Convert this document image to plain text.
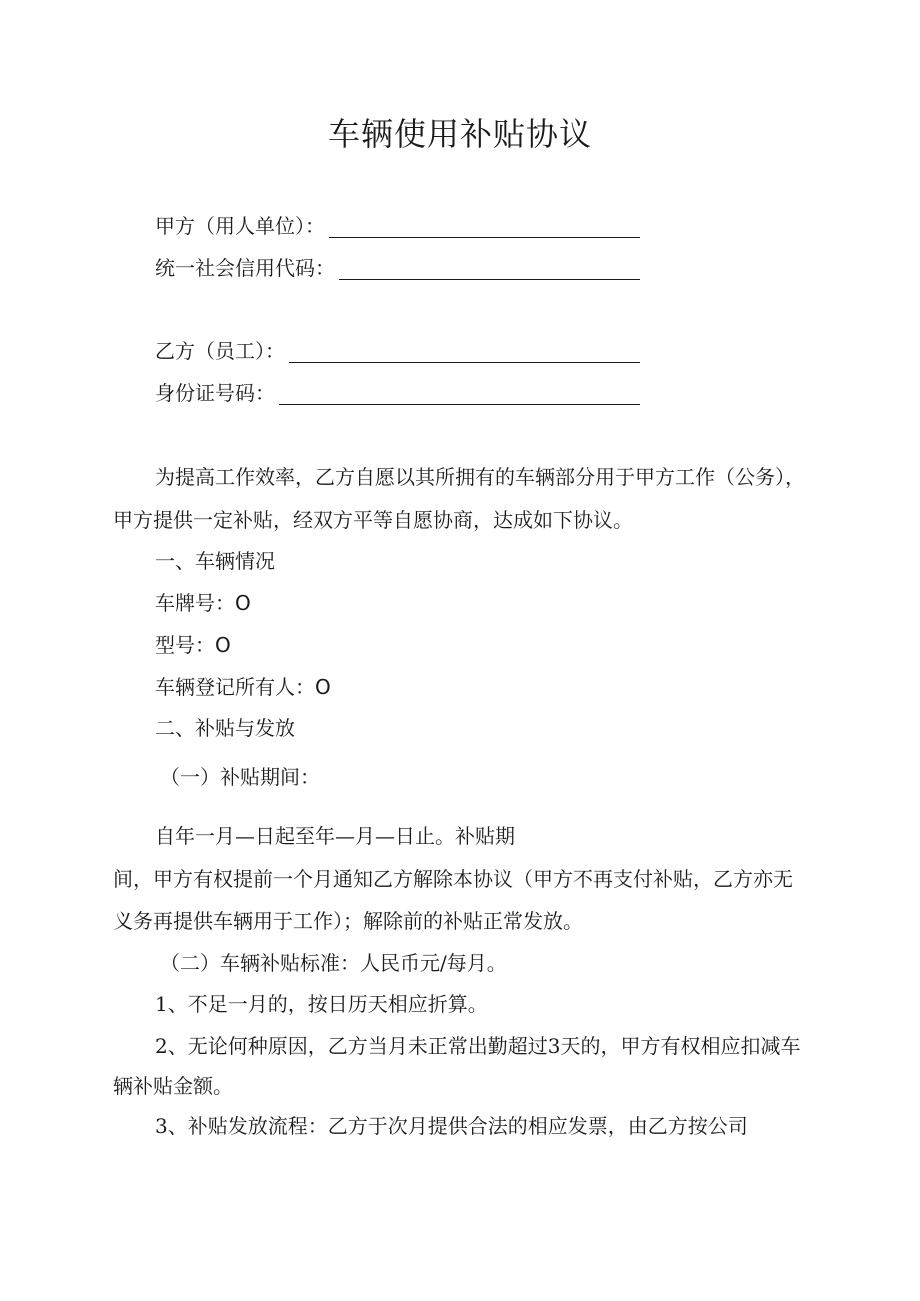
车辆使用补贴协议
甲方（用人单位）：
统一社会信用代码：
乙方（员工）：
身份证号码：
为提高工作效率，乙方自愿以其所拥有的车辆部分用于甲方工作（公务），
甲方提供一定补贴，经双方平等自愿协商，达成如下协议。
一、车辆情况
车牌号：O
型号：O
车辆登记所有人：O
二、补贴与发放
（一）补贴期间：
自年一月—日起至年—月—日止。补贴期
间，甲方有权提前一个月通知乙方解除本协议（甲方不再支付补贴，乙方亦无
义务再提供车辆用于工作）；解除前的补贴正常发放。
（二）车辆补贴标准：人民币元/每月。
1、不足一月的，按日历天相应折算。
2、无论何种原因，乙方当月未正常出勤超过3天的，甲方有权相应扣减车
辆补贴金额。
3、补贴发放流程：乙方于次月提供合法的相应发票，由乙方按公司
